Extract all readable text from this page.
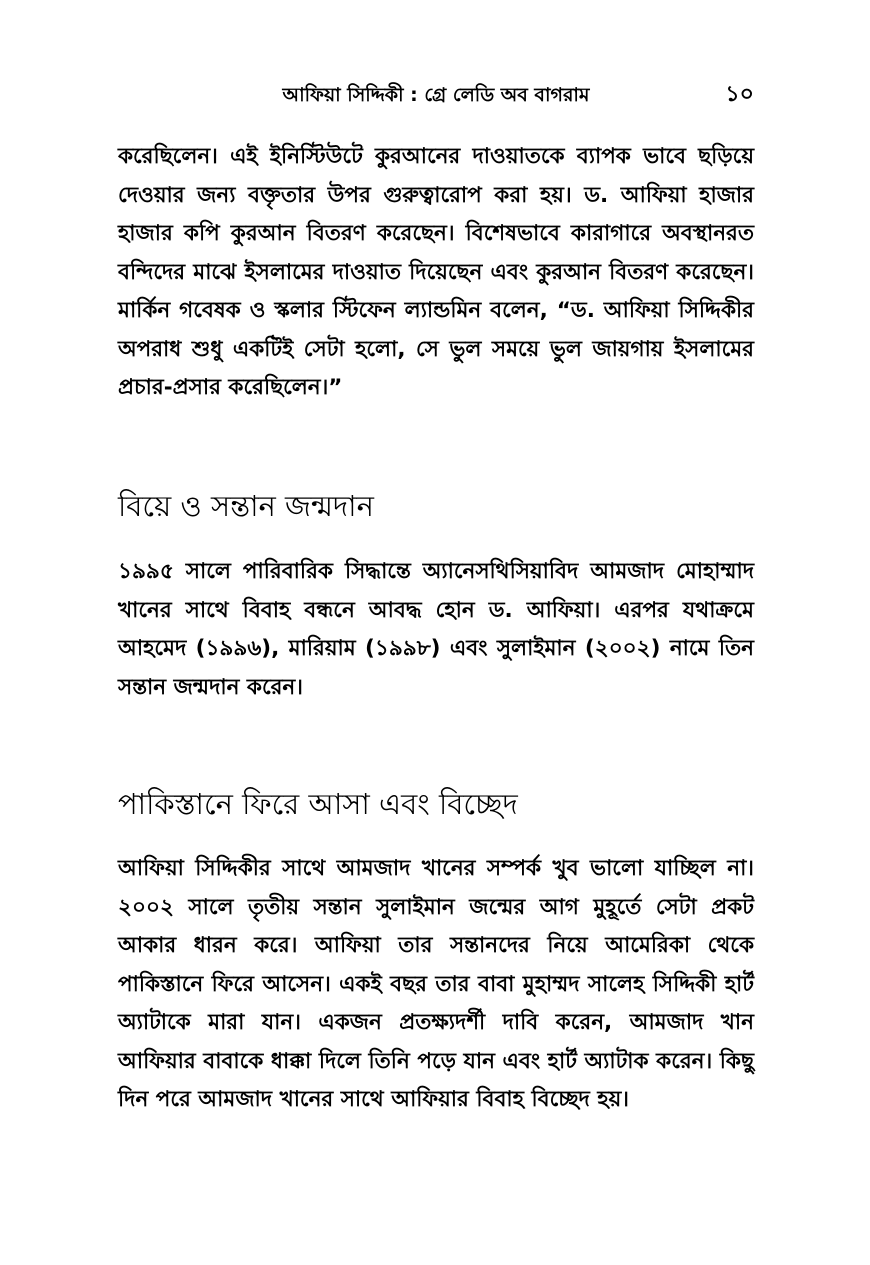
আফিয়া সিদ্দিকী : গ্রে লেডি অব বাগরাম	১০

করেছিলেন। এই ইনিস্টিউটে কুরআনের দাওয়াতকে ব্যাপক ভাবে ছড়িয়ে দেওয়ার জন্য বক্তৃতার উপর গুরুত্বারোপ করা হয়। ড. আফিয়া হাজার হাজার কপি কুরআন বিতরণ করেছেন। বিশেষভাবে কারাগারে অবস্থানরত বন্দিদের মাঝে ইসলামের দাওয়াত দিয়েছেন এবং কুরআন বিতরণ করেছেন। মার্কিন গবেষক ও স্কলার স্টিফেন ল্যান্ডমিন বলেন, “ড. আফিয়া সিদ্দিকীর অপরাধ শুধু একটিই সেটা হলো, সে ভুল সময়ে ভুল জায়গায় ইসলামের প্রচার-প্রসার করেছিলেন।”

বিয়ে ও সন্তান জন্মদান

১৯৯৫ সালে পারিবারিক সিদ্ধান্তে অ্যানেসথিসিয়াবিদ আমজাদ মোহাম্মাদ খানের সাথে বিবাহ বন্ধনে আবদ্ধ হোন ড. আফিয়া। এরপর যথাক্রমে আহমেদ (১৯৯৬), মারিয়াম (১৯৯৮) এবং সুলাইমান (২০০২) নামে তিন সন্তান জন্মদান করেন।

পাকিস্তানে ফিরে আসা এবং বিচ্ছেদ

আফিয়া সিদ্দিকীর সাথে আমজাদ খানের সম্পর্ক খুব ভালো যাচ্ছিল না। ২০০২ সালে তৃতীয় সন্তান সুলাইমান জন্মের আগ মুহূর্তে সেটা প্রকট আকার ধারন করে। আফিয়া তার সন্তানদের নিয়ে আমেরিকা থেকে পাকিস্তানে ফিরে আসেন। একই বছর তার বাবা মুহাম্মদ সালেহ সিদ্দিকী হার্ট অ্যাটাকে মারা যান। একজন প্রতক্ষ্যদর্শী দাবি করেন, আমজাদ খান আফিয়ার বাবাকে ধাক্কা দিলে তিনি পড়ে যান এবং হার্ট অ্যাটাক করেন। কিছু দিন পরে আমজাদ খানের সাথে আফিয়ার বিবাহ বিচ্ছেদ হয়।
